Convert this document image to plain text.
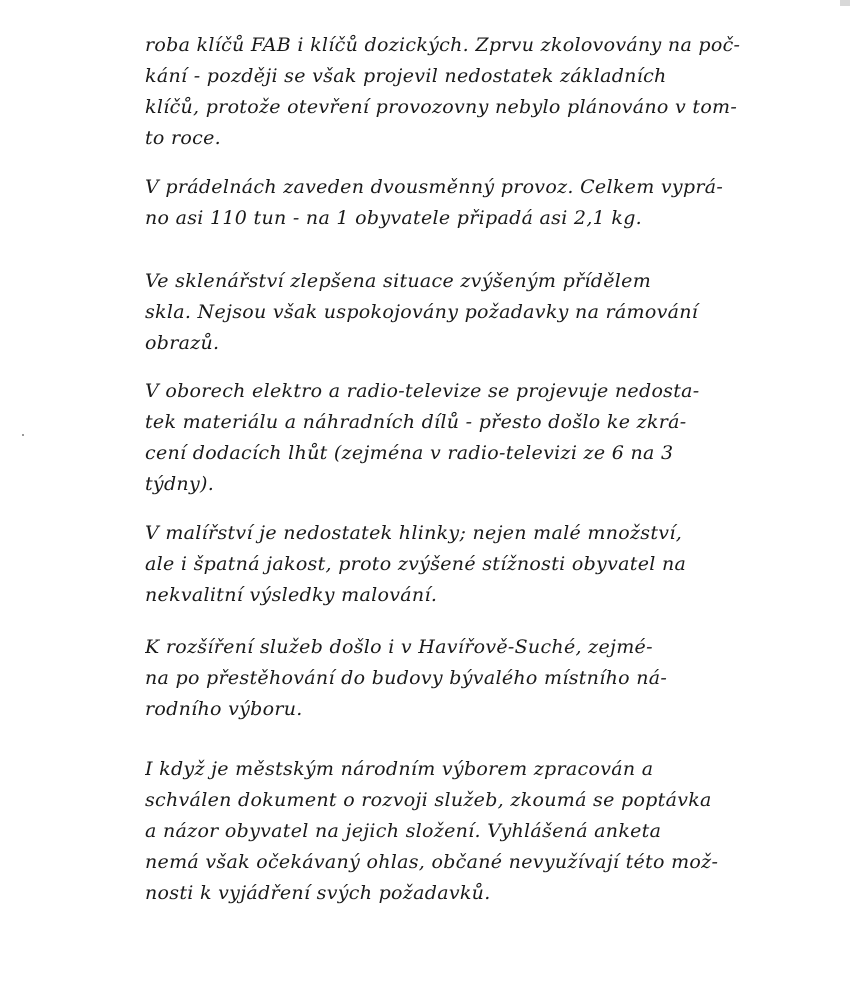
roba klíčů FAB i klíčů dozických. Zprvu zkolovovány na poč-
kání - později se však projevil nedostatek základních
klíčů, protože otevření provozovny nebylo plánováno v tom-
to roce.
V prádelnách zaveden dvousměnný provoz. Celkem vyprá-
no asi 110 tun - na 1 obyvatele připadá asi 2,1 kg.
Ve sklenářství zlepšena situace zvýšeným přídělem
skla. Nejsou však uspokojovány požadavky na rámování
obrazů.
V oborech elektro a radio-televize se projevuje nedosta-
tek materiálu a náhradních dílů - přesto došlo ke zkrá-
cení dodacích lhůt (zejména v radio-televizi ze 6 na 3
týdny).
V malířství je nedostatek hlinky; nejen malé množství,
ale i špatná jakost, proto zvýšené stížnosti obyvatel na
nekvalitní výsledky malování.
K rozšíření služeb došlo i v Havířově-Suché, zejmé-
na po přestěhování do budovy bývalého místního ná-
rodního výboru.
I když je městským národním výborem zpracován a
schválen dokument o rozvoji služeb, zkoumá se poptávka
a názor obyvatel na jejich složení. Vyhlášená anketa
nemá však očekávaný ohlas, občané nevyužívají této mož-
nosti k vyjádření svých požadavků.
